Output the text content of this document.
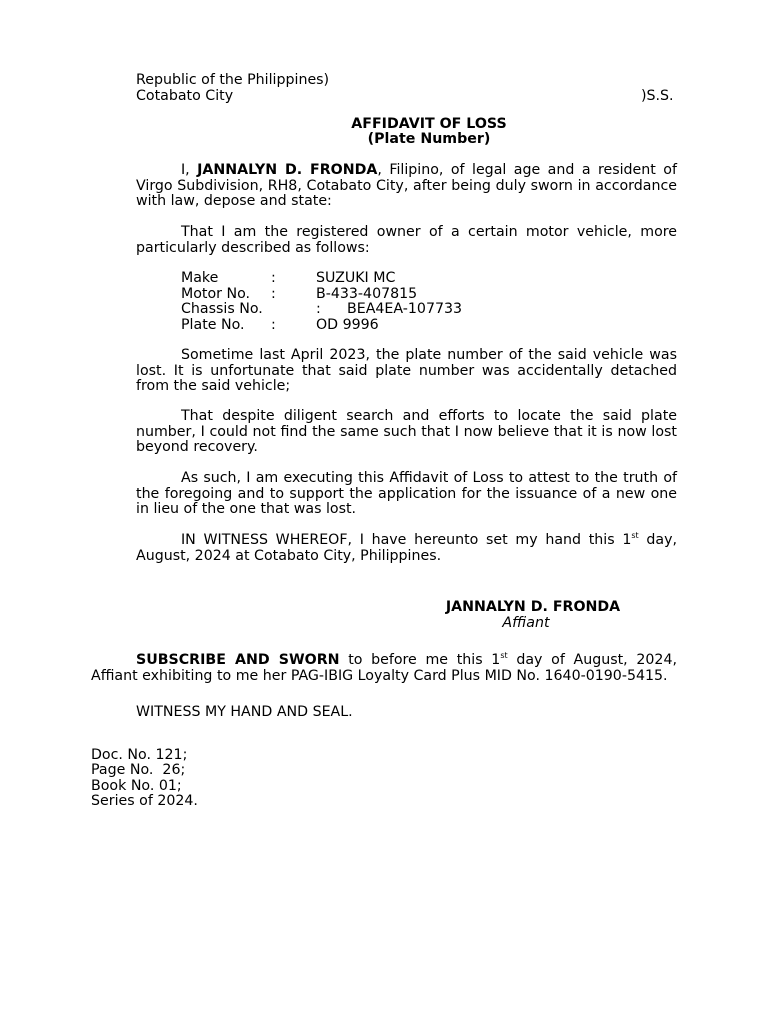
Republic of the Philippines)
Cotabato City	)S.S.
AFFIDAVIT OF LOSS
(Plate Number)
I, JANNALYN D. FRONDA, Filipino, of legal age and a resident of Virgo Subdivision, RH8, Cotabato City, after being duly sworn in accordance with law, depose and state:
That I am the registered owner of a certain motor vehicle, more particularly described as follows:
Make	:	SUZUKI MC
Motor No. :	B-433-407815
Chassis No.	: BEA4EA-107733
Plate No. :	OD 9996
Sometime last April 2023, the plate number of the said vehicle was lost. It is unfortunate that said plate number was accidentally detached from the said vehicle;
That despite diligent search and efforts to locate the said plate number, I could not find the same such that I now believe that it is now lost beyond recovery.
As such, I am executing this Affidavit of Loss to attest to the truth of the foregoing and to support the application for the issuance of a new one in lieu of the one that was lost.
IN WITNESS WHEREOF, I have hereunto set my hand this 1st day, August, 2024 at Cotabato City, Philippines.
JANNALYN D. FRONDA
Affiant
SUBSCRIBE AND SWORN to before me this 1st day of August, 2024, Affiant exhibiting to me her PAG-IBIG Loyalty Card Plus MID No. 1640-0190-5415.
WITNESS MY HAND AND SEAL.
Doc. No. 121;
Page No.  26;
Book No. 01;
Series of 2024.
